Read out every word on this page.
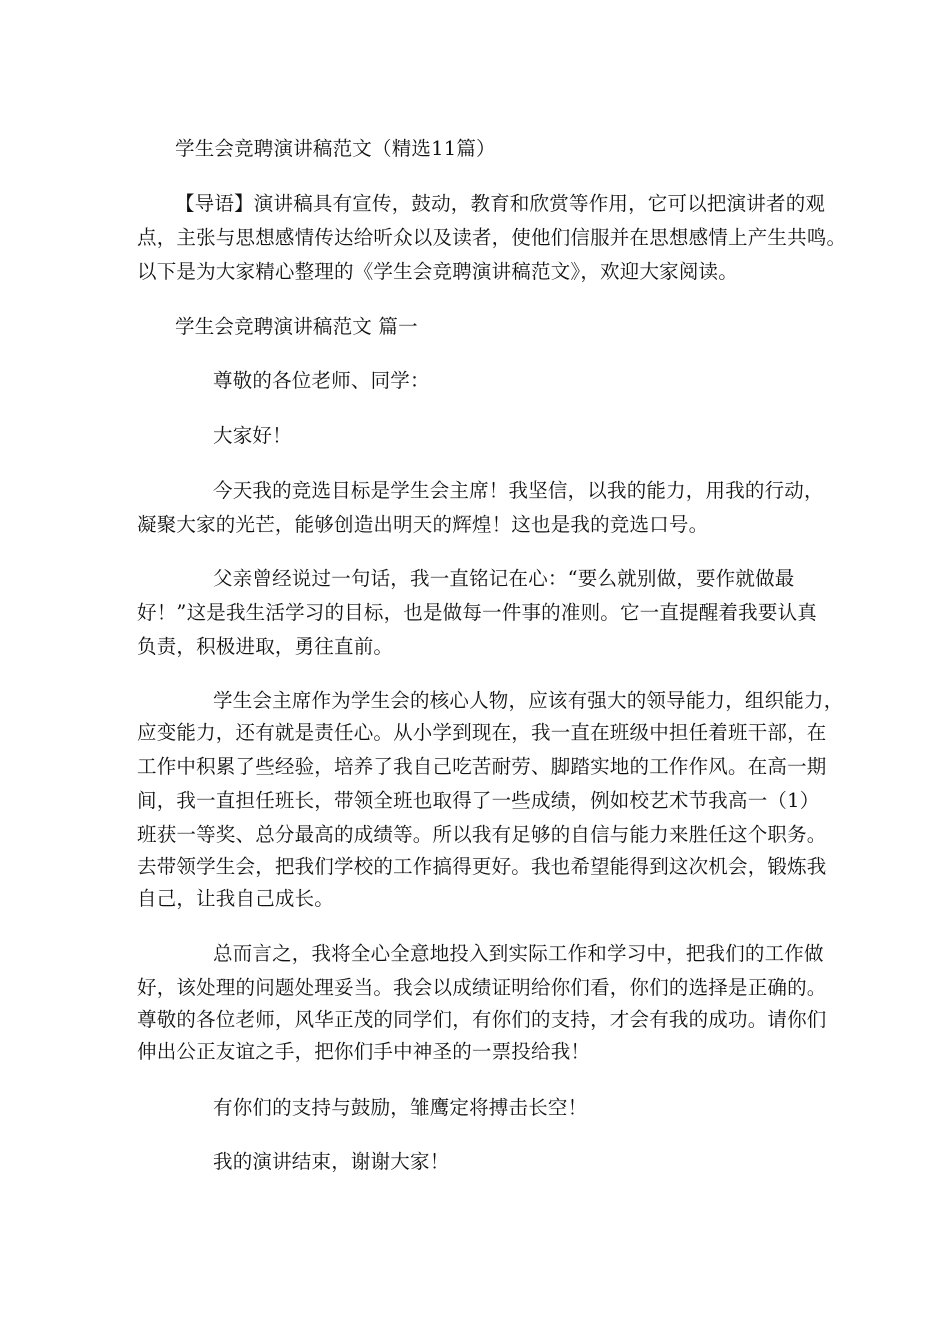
学生会竞聘演讲稿范文（精选11篇）
【导语】演讲稿具有宣传，鼓动，教育和欣赏等作用，它可以把演讲者的观
点，主张与思想感情传达给听众以及读者，使他们信服并在思想感情上产生共鸣。
以下是为大家精心整理的《学生会竞聘演讲稿范文》，欢迎大家阅读。
学生会竞聘演讲稿范文 篇一
尊敬的各位老师、同学：
大家好！
今天我的竞选目标是学生会主席！我坚信，以我的能力，用我的行动，
凝聚大家的光芒，能够创造出明天的辉煌！这也是我的竞选口号。
父亲曾经说过一句话，我一直铭记在心：“要么就别做，要作就做最
好！”这是我生活学习的目标，也是做每一件事的准则。它一直提醒着我要认真
负责，积极进取，勇往直前。
学生会主席作为学生会的核心人物，应该有强大的领导能力，组织能力，
应变能力，还有就是责任心。从小学到现在，我一直在班级中担任着班干部，在
工作中积累了些经验，培养了我自己吃苦耐劳、脚踏实地的工作作风。在高一期
间，我一直担任班长，带领全班也取得了一些成绩，例如校艺术节我高一（1）
班获一等奖、总分最高的成绩等。所以我有足够的自信与能力来胜任这个职务。
去带领学生会，把我们学校的工作搞得更好。我也希望能得到这次机会，锻炼我
自己，让我自己成长。
总而言之，我将全心全意地投入到实际工作和学习中，把我们的工作做
好，该处理的问题处理妥当。我会以成绩证明给你们看，你们的选择是正确的。
尊敬的各位老师，风华正茂的同学们，有你们的支持，才会有我的成功。请你们
伸出公正友谊之手，把你们手中神圣的一票投给我！
有你们的支持与鼓励，雏鹰定将搏击长空！
我的演讲结束，谢谢大家！
